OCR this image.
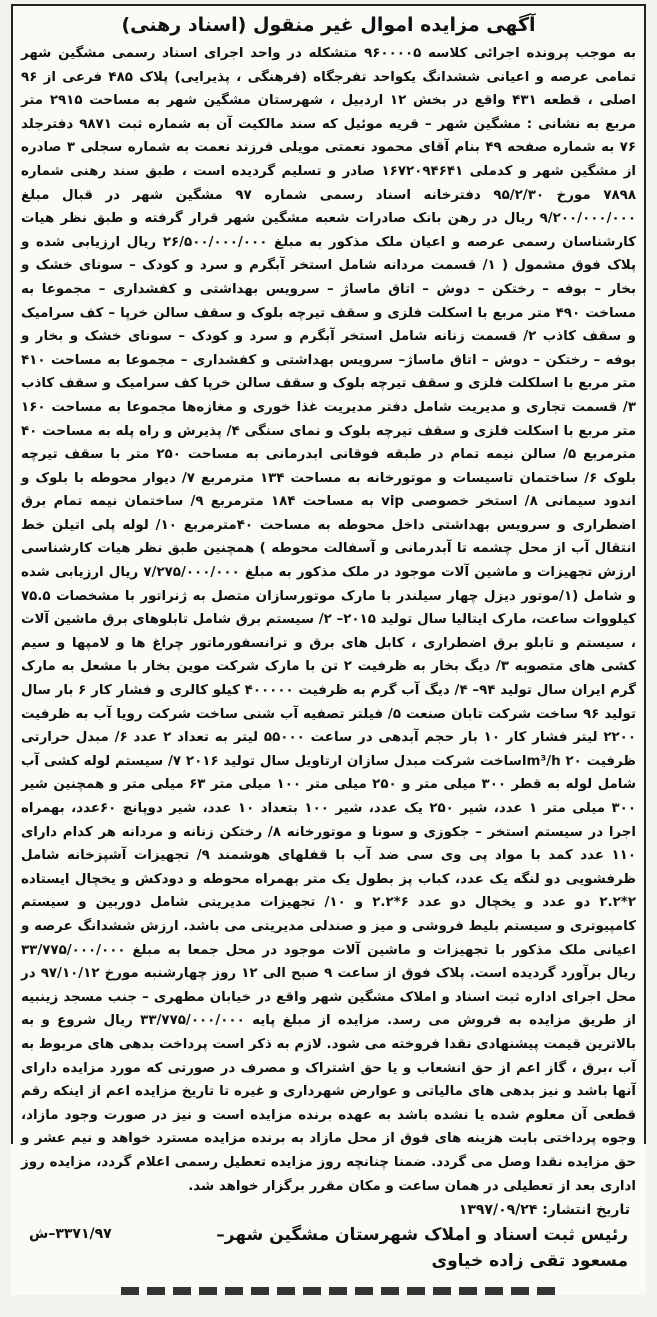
آگهی مزایده اموال غیر منقول (اسناد رهنی)

به موجب پرونده اجرائی کلاسه ۹۶۰۰۰۰۵ متشکله در واحد اجرای اسناد رسمی مشگین شهر تمامی عرصه و اعیانی ششدانگ یکواحد تفرجگاه (فرهنگی ، پذیرایی) پلاک ۴۸۵ فرعی از ۹۶ اصلی ، قطعه ۴۳۱ واقع در بخش ۱۲ اردبیل ، شهرستان مشگین شهر به مساحت ۲۹۱۵ متر مربع به نشانی : مشگین شهر – قریه موئیل که سند مالکیت آن به شماره ثبت ۹۸۷۱ دفترجلد ۷۶ به شماره صفحه ۴۹ بنام آقای محمود نعمتی مویلی فرزند نعمت به شماره سجلی ۳ صادره از مشگین شهر و کدملی ۱۶۷۲۰۹۴۶۴۱ صادر و تسلیم گردیده است ، طبق سند رهنی شماره ۷۸۹۸ مورخ ۹۵/۲/۳۰ دفترخانه اسناد رسمی شماره ۹۷ مشگین شهر در قبال مبلغ ۹/۲۰۰/۰۰۰/۰۰۰ ریال در رهن بانک صادرات شعبه مشگین شهر قرار گرفته و طبق نظر هیات کارشناسان رسمی عرصه و اعیان ملک مذکور به مبلغ ۲۶/۵۰۰/۰۰۰/۰۰۰ ریال ارزیابی شده و پلاک فوق مشمول ( ۱/ قسمت مردانه شامل استخر آبگرم و سرد و کودک – سونای خشک و بخار – بوفه – رختکن – دوش – اتاق ماساژ – سرویس بهداشتی و کفشداری – مجموعا به مساخت ۴۹۰ متر مربع با اسکلت فلزی و سقف تیرچه بلوک و سقف سالن خرپا – کف سرامیک و سقف کاذب ۲/ قسمت زنانه شامل استخر آبگرم و سرد و کودک – سونای خشک و بخار و بوفه – رختکن – دوش – اتاق ماساژ– سرویس بهداشتی و کفشداری – مجموعا به مساحت ۴۱۰ متر مربع با اسلکلت فلزی و سقف تیرچه بلوک و سقف سالن خرپا کف سرامیک و سقف کاذب ۳/ قسمت تجاری و مدیریت شامل دفتر مدیریت غذا خوری و مغازه‌ها مجموعا به مساحت ۱۶۰ متر مربع با اسکلت فلزی و سقف تیرچه بلوک و نمای سنگی ۴/ پذیرش و راه پله به مساحت ۴۰ مترمربع ۵/ سالن نیمه تمام در طبقه فوقانی ابدرمانی به مساحت ۲۵۰ متر با سقف تیرچه بلوک ۶/ ساختمان تاسیسات و موتورخانه به مساحت ۱۳۴ مترمربع ۷/ دیوار محوطه با بلوک و اندود سیمانی ۸/ استخر خصوصی vip به مساحت ۱۸۴ مترمربع ۹/ ساختمان نیمه تمام برق اضطراری و سرویس بهداشتی داخل محوطه به مساحت ۴۰مترمربع ۱۰/ لوله پلی اتیلن خط انتقال آب از محل چشمه تا آبدرمانی و آسفالت محوطه ) همچنین طبق نظر هیات کارشناسی ارزش تجهیزات و ماشین آلات موجود در ملک مذکور به مبلغ ۷/۲۷۵/۰۰۰/۰۰۰ ریال ارزیابی شده و شامل (۱/موتور دیزل چهار سیلندر با مارک موتورسازان متصل به ژنراتور با مشخصات ۷۵.۵ کیلووات ساعت، مارک ایتالیا سال تولید ۲۰۱۵– ۲/ سیستم برق شامل تابلوهای برق ماشین آلات ، سیستم و تابلو برق اضطراری ، کابل های برق و ترانسفورماتور چراغ ها و لامپها و سیم کشی های متصوبه ۳/ دیگ بخار به ظرفیت ۲ تن با مارک شرکت موین بخار با مشعل به مارک گرم ایران سال تولید ۹۴– ۴/ دیگ آب گرم به ظرفیت ۴۰۰۰۰۰ کیلو کالری و فشار کار ۶ بار سال تولید ۹۶ ساخت شرکت تابان صنعت ۵/ فیلتر تصفیه آب شنی ساخت شرکت رویا آب به ظرفیت ۲۲۰۰ لیتر فشار کار ۱۰ بار حجم آبدهی در ساعت ۵۵۰۰۰ لیتر به تعداد ۲ عدد ۶/ مبدل حرارتی ظرفیت m³/h ۲۰اساخت شرکت مبدل سازان ارتاویل سال تولید ۲۰۱۶ ۷/ سیستم لوله کشی آب شامل لوله به قطر ۳۰۰ میلی متر و ۲۵۰ میلی متر ۱۰۰ میلی متر ۶۳ میلی متر و همچنین شیر ۳۰۰ میلی متر ۱ عدد، شیر ۲۵۰ یک عدد، شیر ۱۰۰ بتعداد ۱۰ عدد، شیر دوپانچ ۶۰عدد، بهمراه اجرا در سیستم استخر – جکوزی و سونا و موتورخانه ۸/ رختکن زنانه و مردانه هر کدام دارای ۱۱۰ عدد کمد با مواد پی وی سی ضد آب با قفلهای هوشمند ۹/ تجهیزات آشپزخانه شامل ظرفشویی دو لنگه یک عدد، کباب پز بطول یک متر بهمراه محوطه و دودکش و یخچال ایستاده ۲*۲.۲ دو عدد و یخچال دو عدد ۶*۲.۲ و ۱۰/ تجهیزات مدیریتی شامل دوربین و سیستم کامپیوتری و سیستم بلیط فروشی و میز و صندلی مدیریتی می باشد. ارزش ششدانگ عرصه و اعیانی ملک مذکور با تجهیزات و ماشین آلات موجود در محل جمعا به مبلغ ۳۳/۷۷۵/۰۰۰/۰۰۰ ریال برآورد گردیده است. پلاک فوق از ساعت ۹ صبح الی ۱۲ روز چهارشنبه مورخ ۹۷/۱۰/۱۲ در محل اجرای اداره ثبت اسناد و املاک مشگین شهر واقع در خیابان مطهری – جنب مسجد زینبیه از طریق مزایده به فروش می رسد. مزایده از مبلغ پایه ۳۳/۷۷۵/۰۰۰/۰۰۰ ریال شروع و به بالاترین قیمت پیشنهادی نقدا فروخته می شود. لازم به ذکر است پرداخت بدهی های مربوط به آب ،برق ، گاز اعم از حق انشعاب و یا حق اشتراک و مصرف در صورتی که مورد مزایده دارای آنها باشد و نیز بدهی های مالیاتی و عوارض شهرداری و غیره تا تاریخ مزایده اعم از اینکه رقم قطعی آن معلوم شده یا نشده باشد به عهده برنده مزایده است و نیز در صورت وجود مازاد، وجوه پرداختی بابت هزینه های فوق از محل مازاد به برنده مزایده مسترد خواهد و نیم عشر و حق مزایده نقدا وصل می گردد. ضمنا چنانچه روز مزایده تعطیل رسمی اعلام گردد، مزایده روز اداری بعد از تعطیلی در همان ساعت و مکان مقرر برگزار خواهد شد.

تاریخ انتشار: ۱۳۹۷/۰۹/۲۴
رئیس ثبت اسناد و املاک شهرستان مشگین شهر–
مسعود تقی زاده خیاوی
۳۳۷۱/۹۷–ش
